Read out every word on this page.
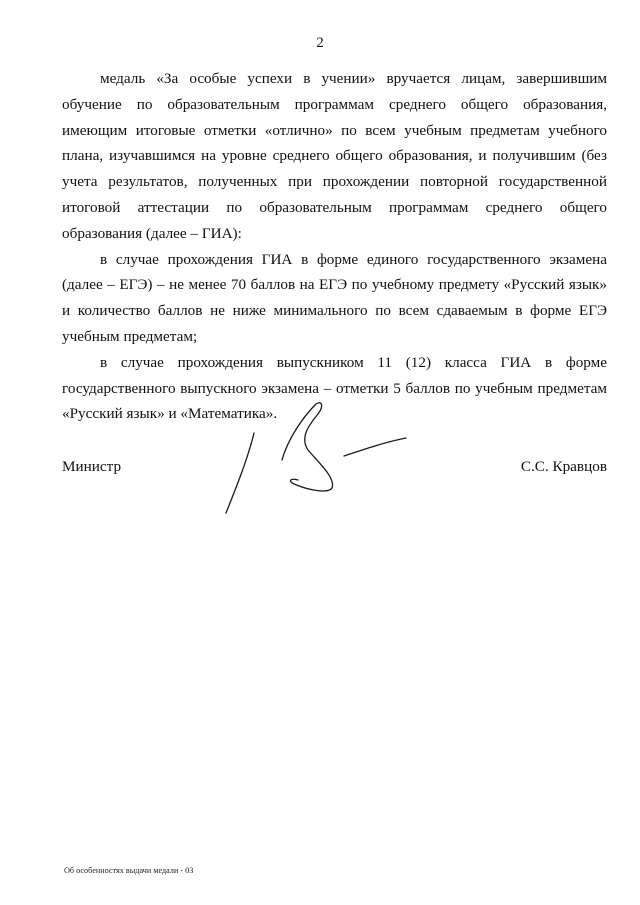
2

медаль «За особые успехи в учении» вручается лицам, завершившим обучение по образовательным программам среднего общего образования, имеющим итоговые отметки «отлично» по всем учебным предметам учебного плана, изучавшимся на уровне среднего общего образования, и получившим (без учета результатов, полученных при прохождении повторной государственной итоговой аттестации по образовательным программам среднего общего образования (далее – ГИА):

в случае прохождения ГИА в форме единого государственного экзамена (далее – ЕГЭ) – не менее 70 баллов на ЕГЭ по учебному предмету «Русский язык» и количество баллов не ниже минимального по всем сдаваемым в форме ЕГЭ учебным предметам;

в случае прохождения выпускником 11 (12) класса ГИА в форме государственного выпускного экзамена – отметки 5 баллов по учебным предметам «Русский язык» и «Математика».

Министр	С.С. Кравцов
Об особенностях выдачи медали - 03
